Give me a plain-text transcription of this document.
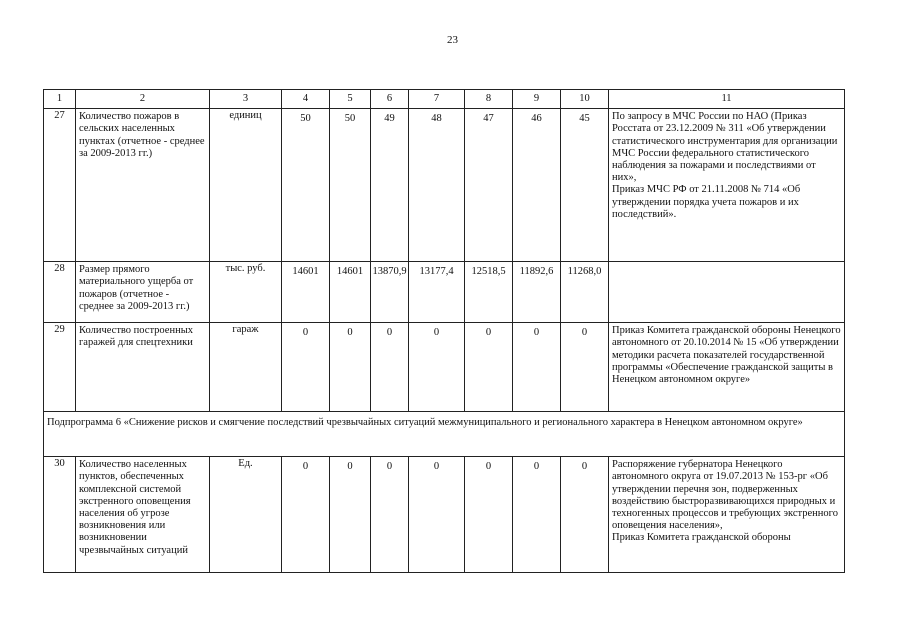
23
1	2	3	4	5	6	7	8	9	10	11
27	Количество пожаров в сельских населенных пунктах (отчетное - среднее за 2009-2013 гг.)	единиц	50	50	49	48	47	46	45	По запросу в МЧС России по НАО (Приказ Росстата от 23.12.2009 № 311 «Об утверждении статистического инструментария для организации МЧС России федерального статистического наблюдения за пожарами и последствиями от них»,
Приказ МЧС РФ от 21.11.2008 № 714 «Об утверждении порядка учета пожаров и их последствий».
28	Размер прямого материального ущерба от пожаров (отчетное - среднее за 2009-2013 гг.)	тыс. руб.	14601	14601	13870,9	13177,4	12518,5	11892,6	11268,0	
29	Количество построенных гаражей для спецтехники	гараж	0	0	0	0	0	0	0	Приказ Комитета гражданской обороны Ненецкого автономного от 20.10.2014 № 15 «Об утверждении методики расчета показателей государственной программы «Обеспечение гражданской защиты в Ненецком автономном округе»
Подпрограмма 6 «Снижение рисков и смягчение последствий чрезвычайных ситуаций межмуниципального и регионального характера в Ненецком автономном округе»										
30	Количество населенных пунктов, обеспеченных комплексной системой экстренного оповещения населения об угрозе возникновения или возникновении чрезвычайных ситуаций	Ед.	0	0	0	0	0	0	0	Распоряжение губернатора Ненецкого автономного округа от 19.07.2013 № 153-рг «Об утверждении перечня зон, подверженных воздействию быстроразвивающихся природных и техногенных процессов и требующих экстренного оповещения населения»,
Приказ Комитета гражданской обороны
